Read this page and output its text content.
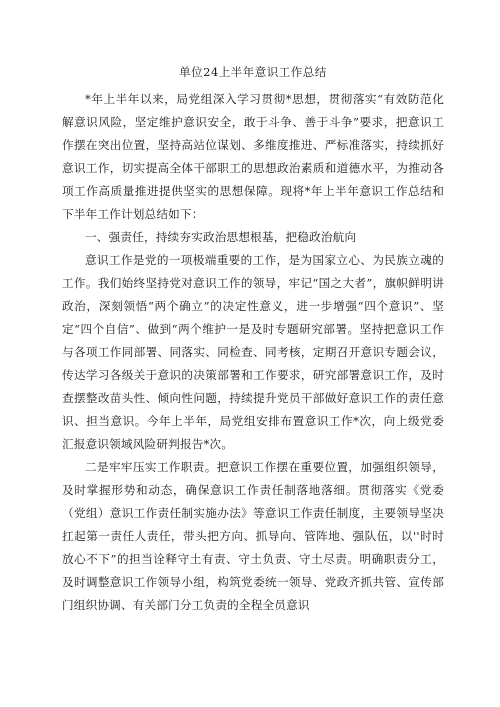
单位24上半年意识工作总结

*年上半年以来，局党组深入学习贯彻*思想，贯彻落实“有效防范化解意识风险，坚定维护意识安全，敢于斗争、善于斗争”要求，把意识工作摆在突出位置，坚持高站位谋划、多维度推进、严标准落实，持续抓好意识工作，切实提高全体干部职工的思想政治素质和道德水平，为推动各项工作高质量推进提供坚实的思想保障。现将*年上半年意识工作总结和下半年工作计划总结如下：

一、强责任，持续夯实政治思想根基，把稳政治航向

意识工作是党的一项极端重要的工作，是为国家立心、为民族立魂的工作。我们始终坚持党对意识工作的领导，牢记“国之大者”，旗帜鲜明讲政治，深刻领悟“两个确立”的决定性意义，进一步增强“四个意识”、坚定“四个自信”、做到“两个维护一是及时专题研究部署。坚持把意识工作与各项工作同部署、同落实、同检查、同考核，定期召开意识专题会议，传达学习各级关于意识的决策部署和工作要求，研究部署意识工作，及时查摆整改苗头性、倾向性问题，持续提升党员干部做好意识工作的责任意识、担当意识。今年上半年，局党组安排布置意识工作*次，向上级党委汇报意识领域风险研判报告*次。

二是牢牢压实工作职责。把意识工作摆在重要位置，加强组织领导，及时掌握形势和动态，确保意识工作责任制落地落细。贯彻落实《党委（党组）意识工作责任制实施办法》等意识工作责任制度，主要领导坚决扛起第一责任人责任，带头把方向、抓导向、管阵地、强队伍，以''时时放心不下”的担当诠释守土有责、守土负责、守土尽责。明确职责分工，及时调整意识工作领导小组，构筑党委统一领导、党政齐抓共管、宣传部门组织协调、有关部门分工负责的全程全员意识
